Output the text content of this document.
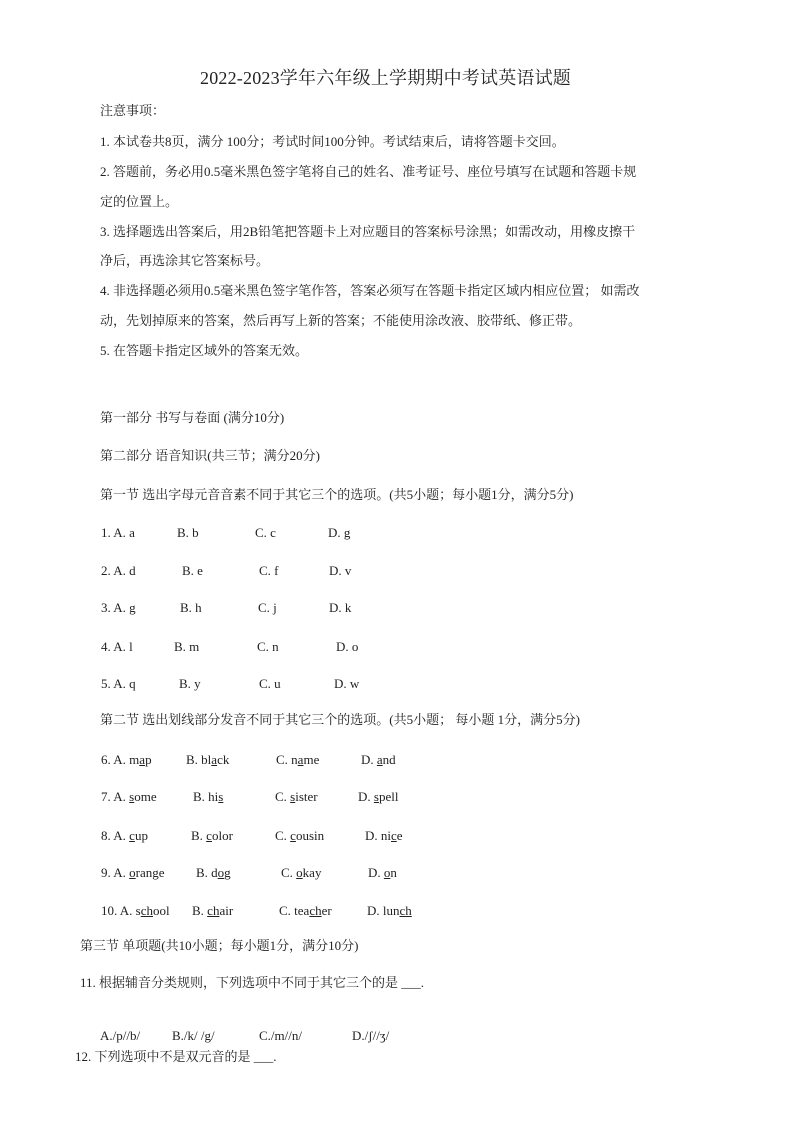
2022-2023学年六年级上学期期中考试英语试题
注意事项：
1. 本试卷共8页，满分 100分；考试时间100分钟。考试结束后，请将答题卡交回。
2. 答题前，务必用0.5毫米黑色签字笔将自己的姓名、准考证号、座位号填写在试题和答题卡规
定的位置上。
3. 选择题选出答案后，用2B铅笔把答题卡上对应题目的答案标号涂黑；如需改动，用橡皮擦干
净后，再选涂其它答案标号。
4. 非选择题必须用0.5毫米黑色签字笔作答，答案必须写在答题卡指定区域内相应位置； 如需改
动，先划掉原来的答案，然后再写上新的答案；不能使用涂改液、胶带纸、修正带。
5. 在答题卡指定区域外的答案无效。
第一部分 书写与卷面 (满分10分)
第二部分 语音知识(共三节；满分20分)
第一节 选出字母元音音素不同于其它三个的选项。(共5小题；每小题1分，满分5分)
1. A. a	B. b	C. c	D. g
2. A. d	B. e	C. f	D. v
3. A. g	B. h	C. j	D. k
4. A. l	B. m	C. n	D. o
5. A. q	B. y	C. u	D. w
第二节 选出划线部分发音不同于其它三个的选项。(共5小题； 每小题 1分，满分5分)
6. A. map	B. black	C. name	D. and
7. A. some	B. his	C. sister	D. spell
8. A. cup	B. color	C. cousin	D. nice
9. A. orange B. dog	C. okay	D. on
10. A. school B. chair	C. teacher	D. lunch
第三节 单项题(共10小题；每小题1分，满分10分)
11. 根据辅音分类规则，下列选项中不同于其它三个的是 ___.
A./p//b/ B./k/ /g/	C./m//n/	D./ʃ//ʒ/
12. 下列选项中不是双元音的是 ___.
